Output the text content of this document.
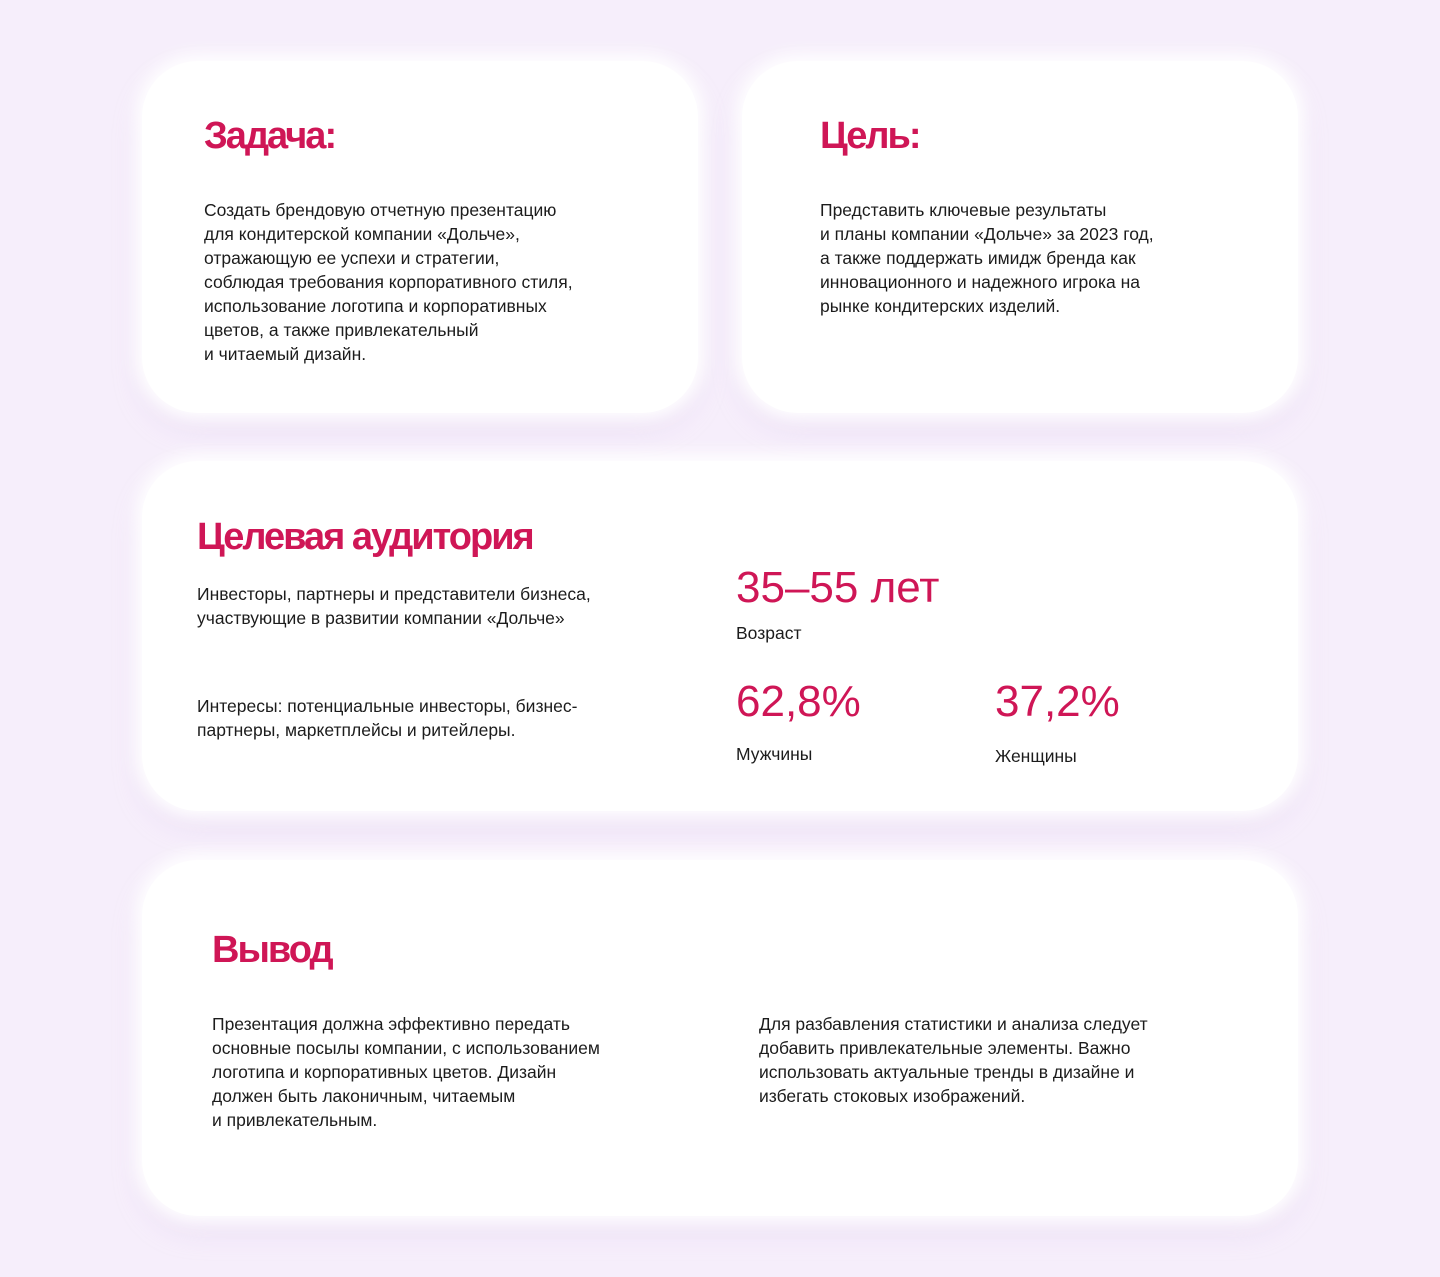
Задача:

Создать брендовую отчетную презентацию
для кондитерской компании «Дольче»,
отражающую ее успехи и стратегии,
соблюдая требования корпоративного стиля,
использование логотипа и корпоративных
цветов, а также привлекательный
и читаемый дизайн.

Цель:

Представить ключевые результаты
и планы компании «Дольче» за 2023 год,
а также поддержать имидж бренда как
инновационного и надежного игрока на
рынке кондитерских изделий.

Целевая аудитория

Инвесторы, партнеры и представители бизнеса,
участвующие в развитии компании «Дольче»

Интересы: потенциальные инвесторы, бизнес-
партнеры, маркетплейсы и ритейлеры.

35–55 лет

Возраст

62,8%

Мужчины

37,2%

Женщины

Вывод

Презентация должна эффективно передать
основные посылы компании, с использованием
логотипа и корпоративных цветов. Дизайн
должен быть лаконичным, читаемым
и привлекательным.

Для разбавления статистики и анализа следует
добавить привлекательные элементы. Важно
использовать актуальные тренды в дизайне и
избегать стоковых изображений.
